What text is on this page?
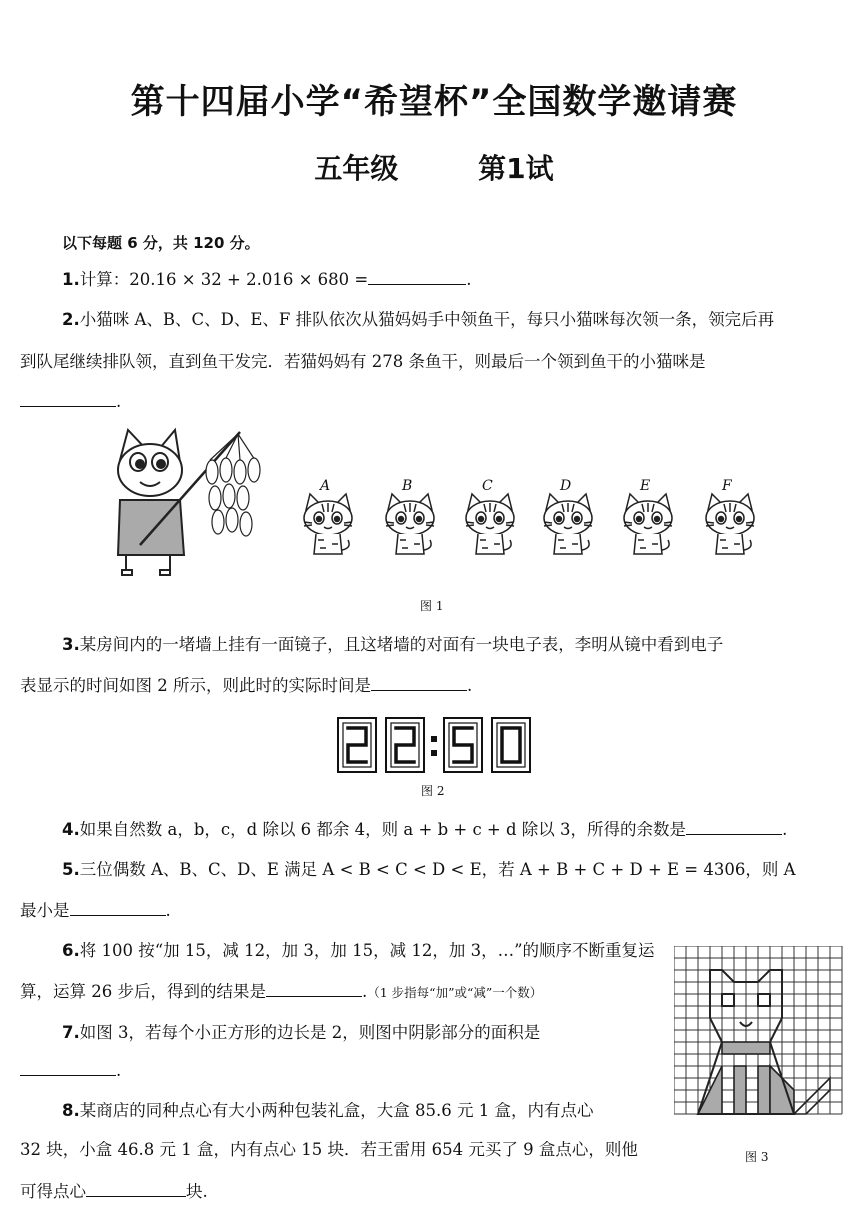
第十四届小学“希望杯”全国数学邀请赛
五年级	第1试
以下每题 6 分，共 120 分。
1.计算：20.16 × 32 + 2.016 × 680 =	.
2.小猫咪 A、B、C、D、E、F 排队依次从猫妈妈手中领鱼干，每只小猫咪每次领一条，领完后再
到队尾继续排队领，直到鱼干发完．若猫妈妈有 278 条鱼干，则最后一个领到鱼干的小猫咪是
.
A	B	C	D	E	F
图 1
3.某房间内的一堵墙上挂有一面镜子，且这堵墙的对面有一块电子表，李明从镜中看到电子
表显示的时间如图 2 所示，则此时的实际时间是	.
图 2
4.如果自然数 a，b，c，d 除以 6 都余 4，则 a + b + c + d 除以 3，所得的余数是	.
5.三位偶数 A、B、C、D、E 满足 A < B < C < D < E，若 A + B + C + D + E = 4306，则 A
最小是	.
6.将 100 按“加 15，减 12，加 3，加 15，减 12，加 3，…”的顺序不断重复运
算，运算 26 步后，得到的结果是	.（1 步指每“加”或“减”一个数）
7.如图 3，若每个小正方形的边长是 2，则图中阴影部分的面积是
.
8.某商店的同种点心有大小两种包装礼盒，大盒 85.6 元 1 盒，内有点心
32 块，小盒 46.8 元 1 盒，内有点心 15 块．若王雷用 654 元买了 9 盒点心，则他
可得点心	块.
图 3
